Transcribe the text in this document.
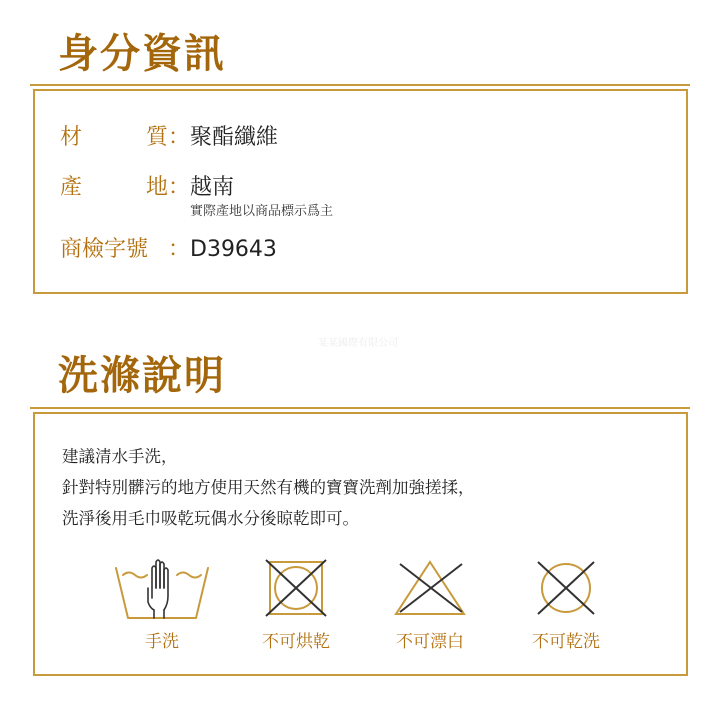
身分資訊
材	質 ： 聚酯纖維
產	地 ： 越南
實際產地以商品標示爲主
商檢字號 ： D39643
某某國際有限公司
洗滌說明
建議清水手洗，
針對特別髒污的地方使用天然有機的寶寶洗劑加強搓揉，
洗淨後用毛巾吸乾玩偶水分後晾乾即可。
手洗	不可烘乾	不可漂白	不可乾洗
